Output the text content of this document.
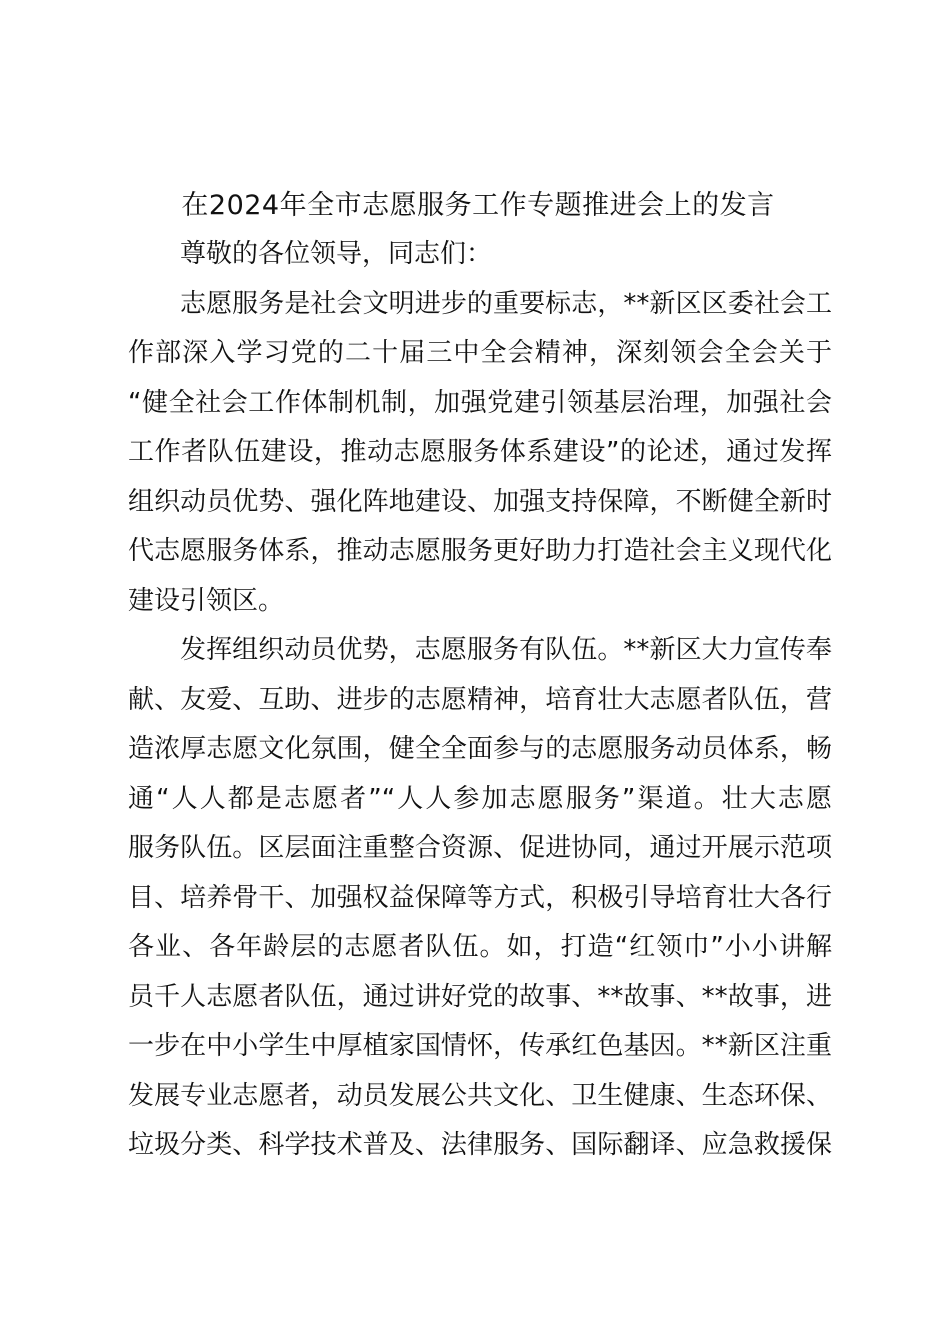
在2024年全市志愿服务工作专题推进会上的发言
尊敬的各位领导，同志们：
志愿服务是社会文明进步的重要标志，**新区区委社会工
作部深入学习党的二十届三中全会精神，深刻领会全会关于
“健全社会工作体制机制，加强党建引领基层治理，加强社会
工作者队伍建设，推动志愿服务体系建设”的论述，通过发挥
组织动员优势、强化阵地建设、加强支持保障，不断健全新时
代志愿服务体系，推动志愿服务更好助力打造社会主义现代化
建设引领区。
发挥组织动员优势，志愿服务有队伍。**新区大力宣传奉
献、友爱、互助、进步的志愿精神，培育壮大志愿者队伍，营
造浓厚志愿文化氛围，健全全面参与的志愿服务动员体系，畅
通“人人都是志愿者”“人人参加志愿服务”渠道。壮大志愿
服务队伍。区层面注重整合资源、促进协同，通过开展示范项
目、培养骨干、加强权益保障等方式，积极引导培育壮大各行
各业、各年龄层的志愿者队伍。如，打造“红领巾”小小讲解
员千人志愿者队伍，通过讲好党的故事、**故事、**故事，进
一步在中小学生中厚植家国情怀，传承红色基因。**新区注重
发展专业志愿者，动员发展公共文化、卫生健康、生态环保、
垃圾分类、科学技术普及、法律服务、国际翻译、应急救援保
